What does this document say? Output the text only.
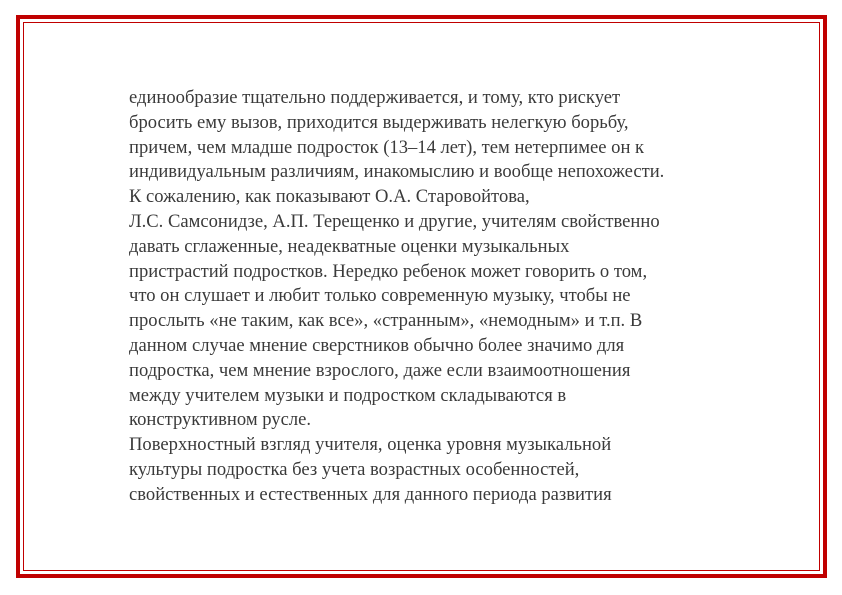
единообразие тщательно поддерживается, и тому, кто рискует
бросить ему вызов, приходится выдерживать нелегкую борьбу,
причем, чем младше подросток (13–14 лет), тем нетерпимее он к
индивидуальным различиям, инакомыслию и вообще непохожести.
К сожалению, как показывают О.А. Старовойтова,
Л.С. Самсонидзе, А.П. Терещенко и другие, учителям свойственно
давать сглаженные, неадекватные оценки музыкальных
пристрастий подростков. Нередко ребенок может говорить о том,
что он слушает и любит только современную музыку, чтобы не
прослыть «не таким, как все», «странным», «немодным» и т.п. В
данном случае мнение сверстников обычно более значимо для
подростка, чем мнение взрослого, даже если взаимоотношения
между учителем музыки и подростком складываются в
конструктивном русле.
Поверхностный взгляд учителя, оценка уровня музыкальной
культуры подростка без учета возрастных особенностей,
свойственных и естественных для данного периода развития
